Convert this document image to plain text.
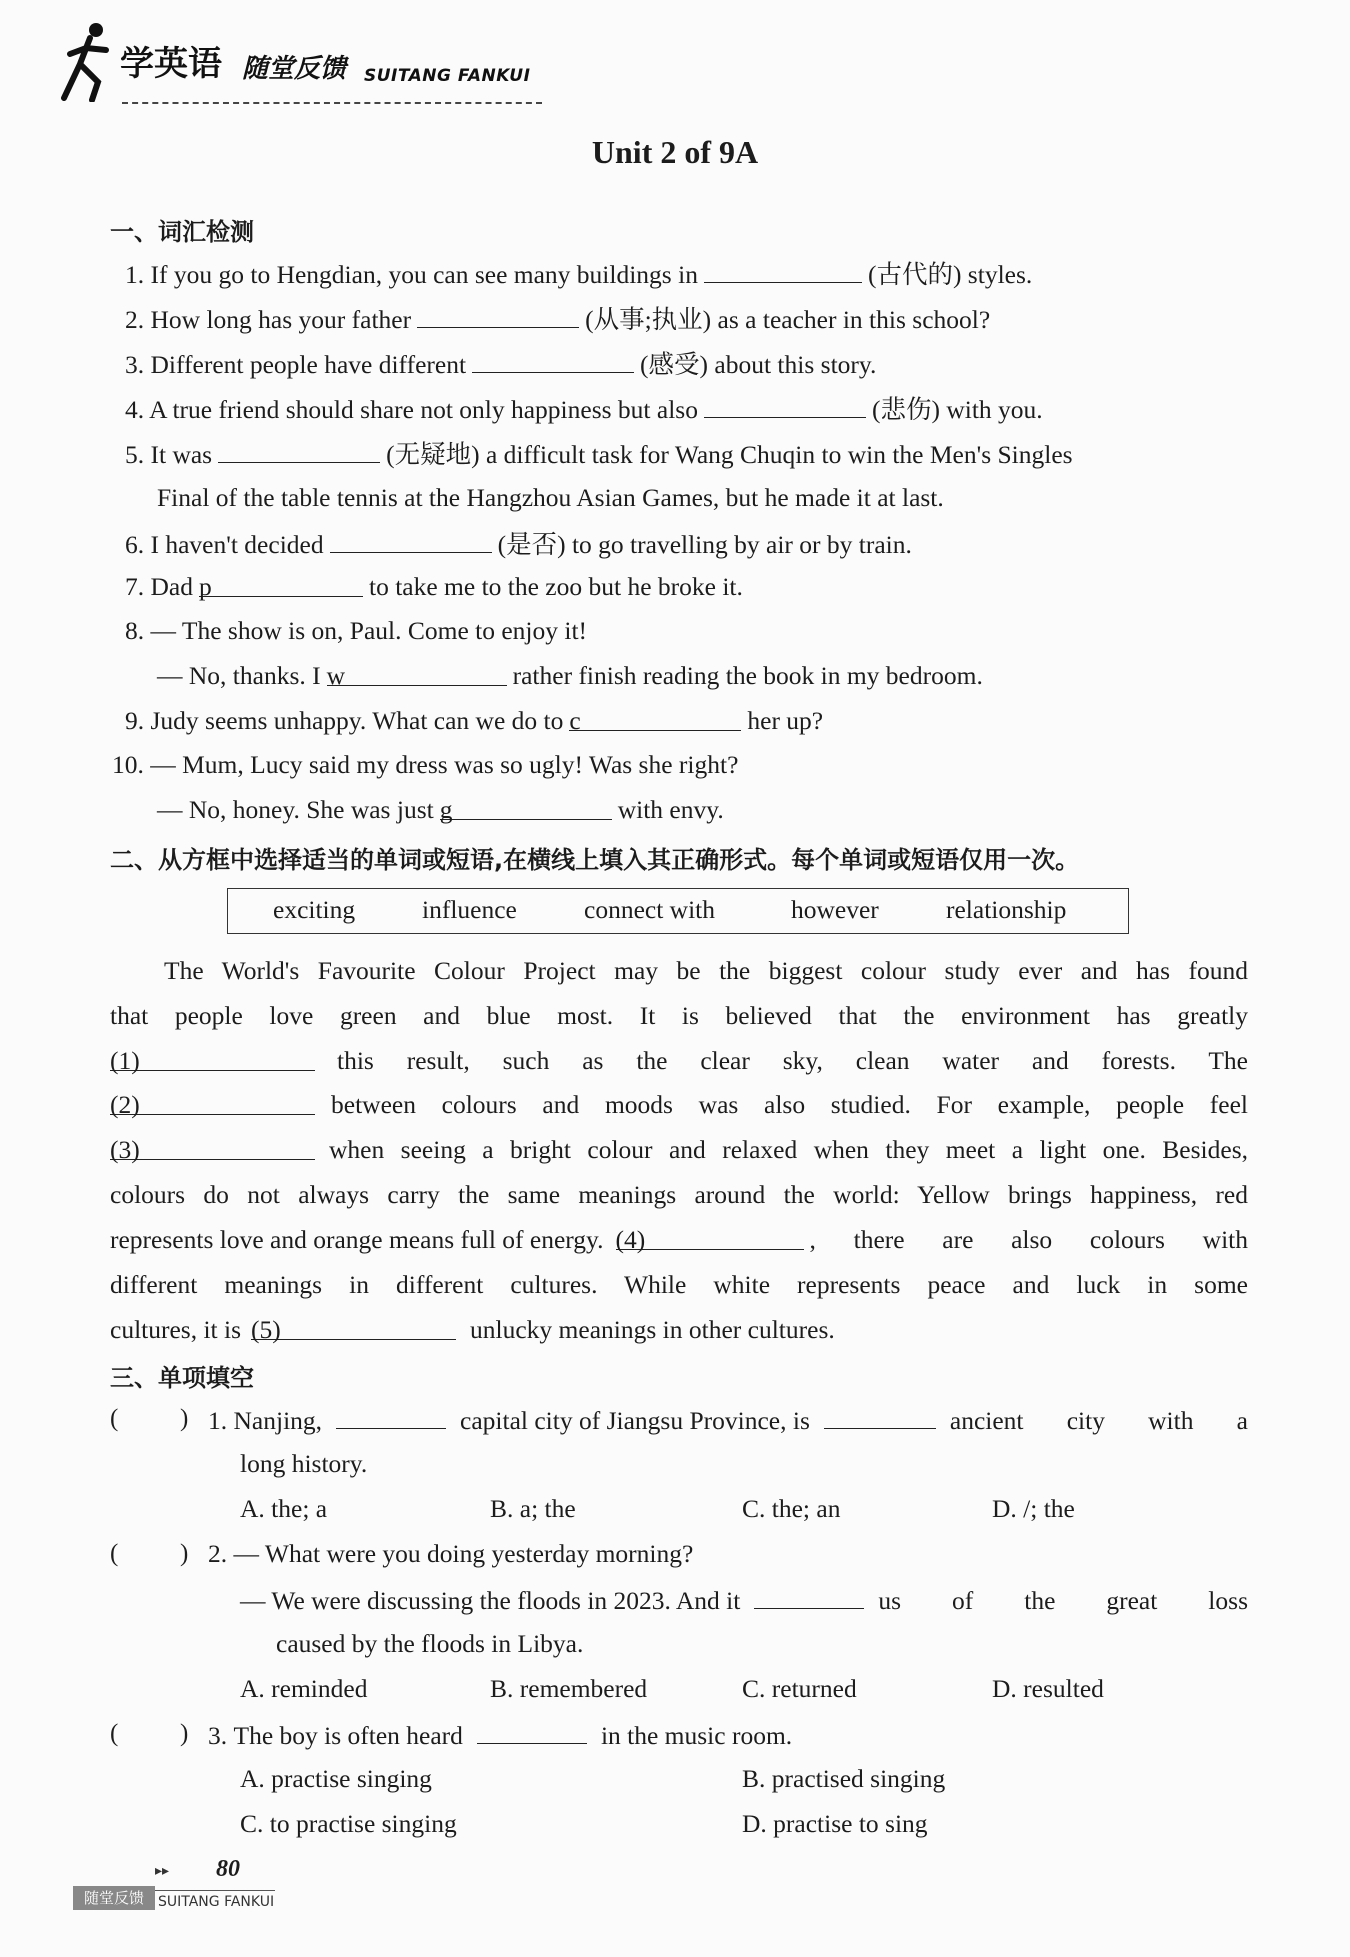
学英语 随堂反馈 SUITANG FANKUI
Unit 2 of 9A
一、词汇检测
1. If you go to Hengdian, you can see many buildings in	(古代的) styles.
2. How long has your father	(从事;执业) as a teacher in this school?
3. Different people have different	(感受) about this story.
4. A true friend should share not only happiness but also	(悲伤) with you.
5. It was	(无疑地) a difficult task for Wang Chuqin to win the Men's Singles
Final of the table tennis at the Hangzhou Asian Games, but he made it at last.
6. I haven't decided	(是否) to go travelling by air or by train.
7. Dad p	to take me to the zoo but he broke it.
8. — The show is on, Paul. Come to enjoy it!
— No, thanks. I w	rather finish reading the book in my bedroom.
9. Judy seems unhappy. What can we do to c	her up?
10. — Mum, Lucy said my dress was so ugly! Was she right?
— No, honey. She was just g	with envy.
二、从方框中选择适当的单词或短语,在横线上填入其正确形式。每个单词或短语仅用一次。
exciting	influence	connect with	however	relationship
The World's Favourite Colour Project may be the biggest colour study ever and has found
that people love green and blue most. It is believed that the environment has greatly
(1)	this result, such as the clear sky, clean water and forests. The
(2)	between colours and moods was also studied. For example, people feel
(3)	when seeing a bright colour and relaxed when they meet a light one. Besides,
colours do not always carry the same meanings around the world: Yellow brings happiness, red
represents love and orange means full of energy. (4)	, there are also colours with
different meanings in different cultures. While white represents peace and luck in some
cultures, it is (5)	unlucky meanings in other cultures.
三、单项填空
( ) 1.
Nanjing,	capital city of Jiangsu Province, is	ancient city with a
long history.
A. the; a	B. a; the	C. the; an	D. /; the
( ) 2. — What were you doing yesterday morning?
— We were discussing the floods in 2023. And it	us of the great loss
caused by the floods in Libya.
A. reminded	B. remembered	C. returned	D. resulted
( ) 3. The boy is often heard	in the music room.
A. practise singing	B. practised singing
C. to practise singing	D. practise to sing
▸▸ 80
随堂反馈	SUITANG FANKUI
